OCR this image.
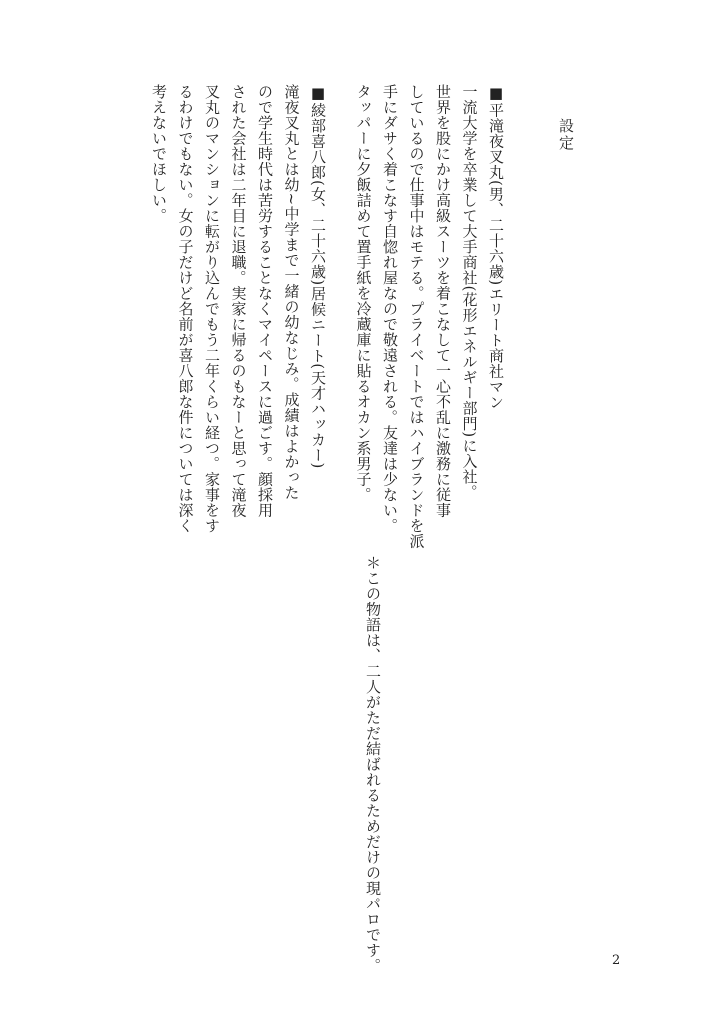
設定

■平滝夜叉丸(男、二十六歳)エリート商社マン

一流大学を卒業して大手商社(花形エネルギー部門)に入社。

世界を股にかけ高級スーツを着こなして一心不乱に激務に従事

しているので仕事中はモテる。プライベートではハイブランドを派

手にダサく着こなす自惚れ屋なので敬遠される。友達は少ない。

タッパーに夕飯詰めて置手紙を冷蔵庫に貼るオカン系男子。

■綾部喜八郎(女、二十六歳)居候ニート(天才ハッカー)

滝夜叉丸とは幼~中学まで一緒の幼なじみ。成績はよかった

ので学生時代は苦労することなくマイペースに過ごす。顔採用

された会社は二年目に退職。実家に帰るのもなーと思って滝夜

叉丸のマンションに転がり込んでもう二年くらい経つ。家事をす

るわけでもない。女の子だけど名前が喜八郎な件については深く

考えないでほしい。

＊この物語は、二人がただ結ばれるためだけの現パロです。	2
